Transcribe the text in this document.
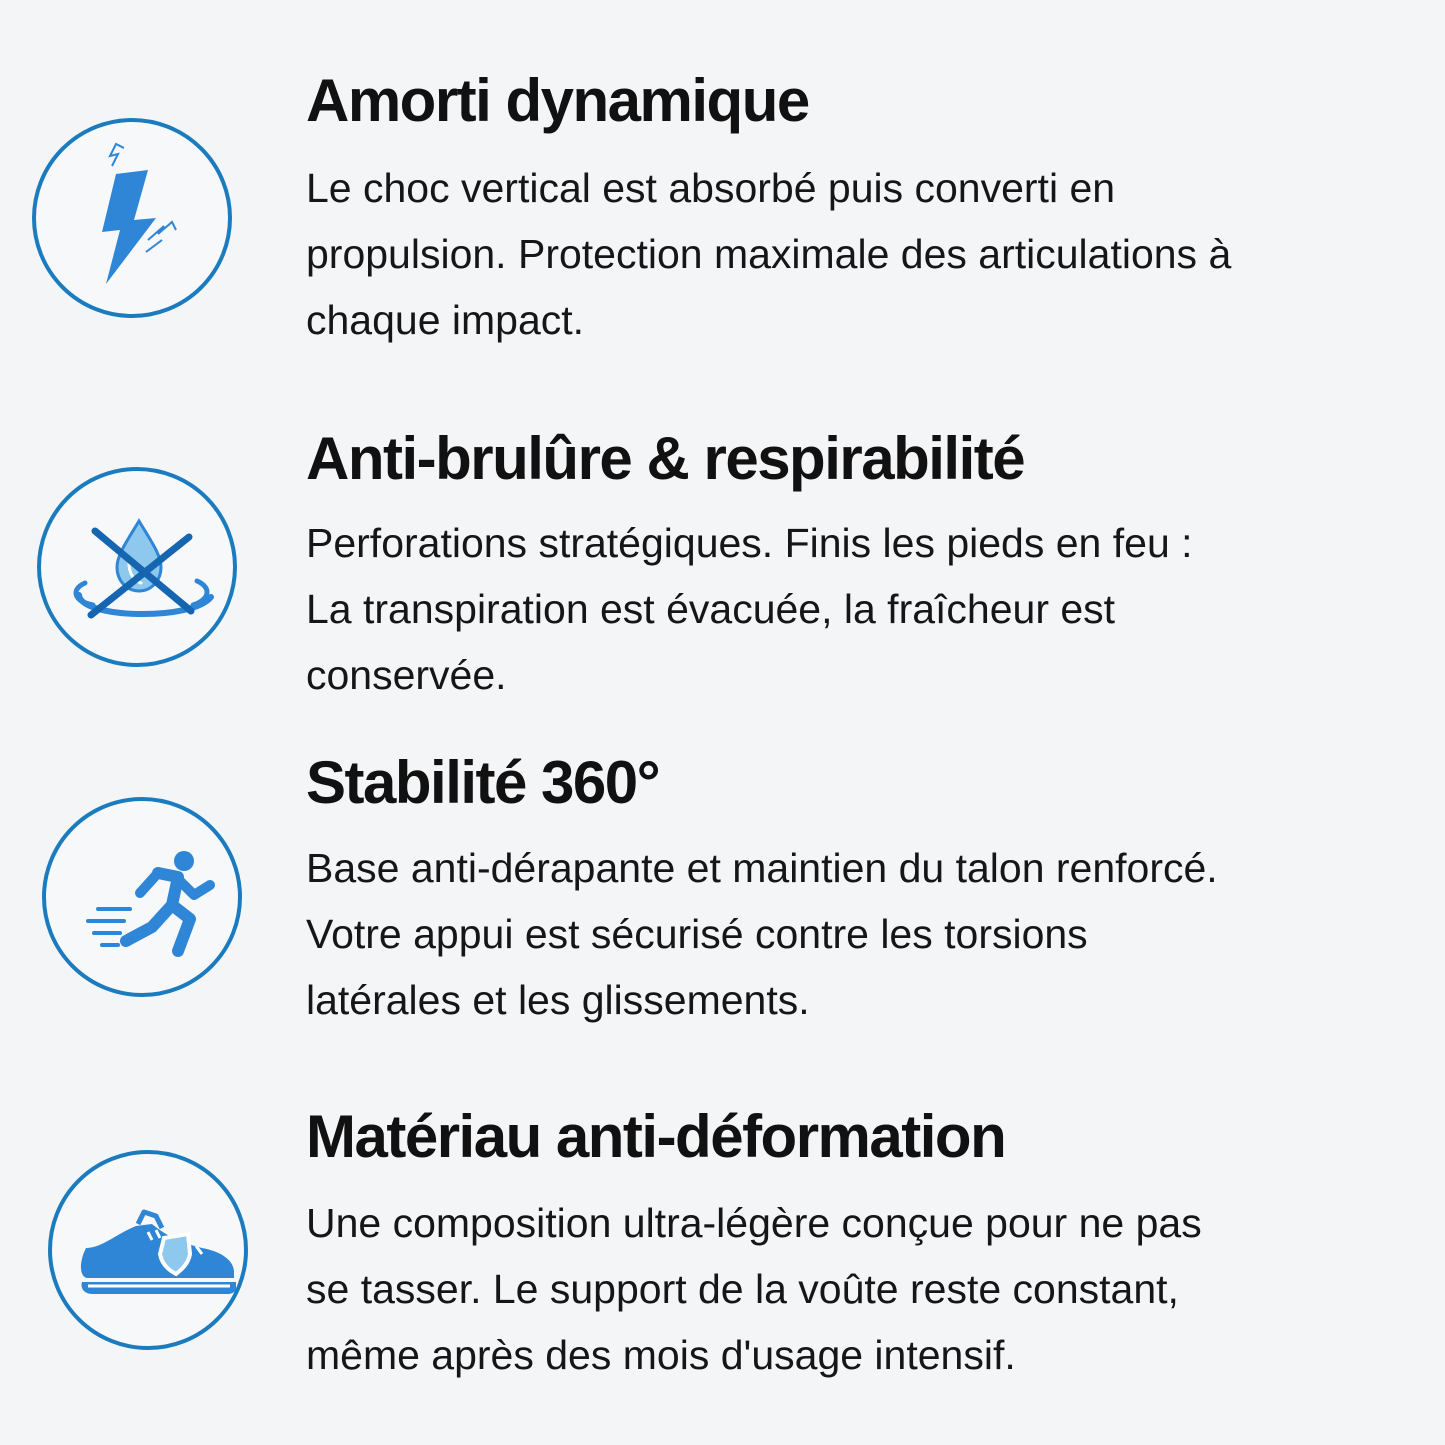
Amorti dynamique

Le choc vertical est absorbé puis converti en
propulsion. Protection maximale des articulations à
chaque impact.

Anti-brulûre & respirabilité

Perforations stratégiques. Finis les pieds en feu :
La transpiration est évacuée, la fraîcheur est
conservée.

Stabilité 360°

Base anti-dérapante et maintien du talon renforcé.
Votre appui est sécurisé contre les torsions
latérales et les glissements.

Matériau anti-déformation

Une composition ultra-légère conçue pour ne pas
se tasser. Le support de la voûte reste constant,
même après des mois d'usage intensif.
